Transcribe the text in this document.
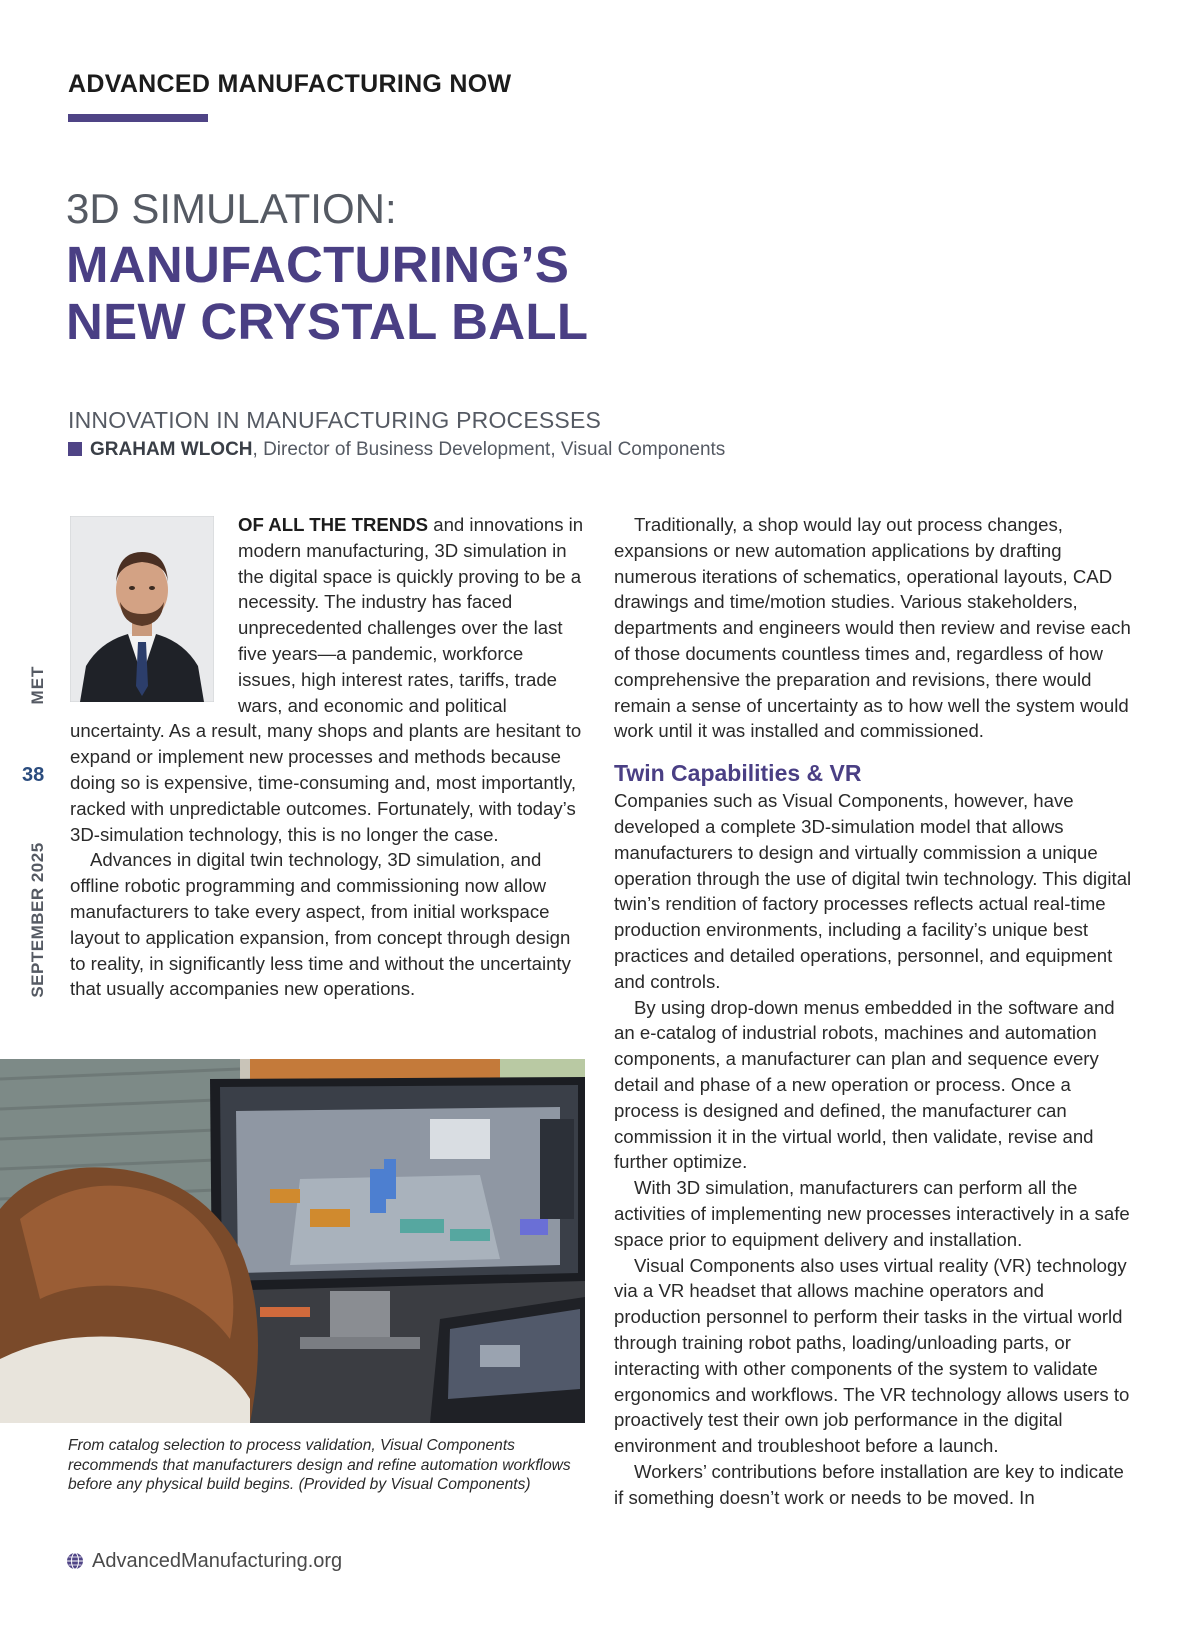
ADVANCED MANUFACTURING NOW
3D SIMULATION:
MANUFACTURING’S
NEW CRYSTAL BALL
INNOVATION IN MANUFACTURING PROCESSES
GRAHAM WLOCH, Director of Business Development, Visual Components
MET
38
SEPTEMBER 2025

OF ALL THE TRENDS and innovations in modern manufacturing, 3D simulation in the digital space is quickly proving to be a necessity. The industry has faced unprecedented challenges over the last five years—a pandemic, workforce issues, high interest rates, tariffs, trade wars, and economic and political uncertainty. As a result, many shops and plants are hesitant to expand or implement new processes and methods because doing so is expensive, time-consuming and, most importantly, racked with unpredictable outcomes. Fortunately, with today’s 3D-simulation technology, this is no longer the case.

Advances in digital twin technology, 3D simulation, and offline robotic programming and commissioning now allow manufacturers to take every aspect, from initial workspace layout to application expansion, from concept through design to reality, in significantly less time and without the uncertainty that usually accompanies new operations.

From catalog selection to process validation, Visual Components recommends that manufacturers design and refine automation workflows before any physical build begins. (Provided by Visual Components)

Traditionally, a shop would lay out process changes, expansions or new automation applications by drafting numerous iterations of schematics, operational layouts, CAD drawings and time/motion studies. Various stakeholders, departments and engineers would then review and revise each of those documents countless times and, regardless of how comprehensive the preparation and revisions, there would remain a sense of uncertainty as to how well the system would work until it was installed and commissioned.

Twin Capabilities & VR

Companies such as Visual Components, however, have developed a complete 3D-simulation model that allows manufacturers to design and virtually commission a unique operation through the use of digital twin technology. This digital twin’s rendition of factory processes reflects actual real-time production environments, including a facility’s unique best practices and detailed operations, personnel, and equipment and controls.

By using drop-down menus embedded in the software and an e-catalog of industrial robots, machines and automation components, a manufacturer can plan and sequence every detail and phase of a new operation or process. Once a process is designed and defined, the manufacturer can commission it in the virtual world, then validate, revise and further optimize.

With 3D simulation, manufacturers can perform all the activities of implementing new processes interactively in a safe space prior to equipment delivery and installation.

Visual Components also uses virtual reality (VR) technology via a VR headset that allows machine operators and production personnel to perform their tasks in the virtual world through training robot paths, loading/unloading parts, or interacting with other components of the system to validate ergonomics and workflows. The VR technology allows users to proactively test their own job performance in the digital environment and troubleshoot before a launch.

Workers’ contributions before installation are key to indicate if something doesn’t work or needs to be moved. In

AdvancedManufacturing.org
